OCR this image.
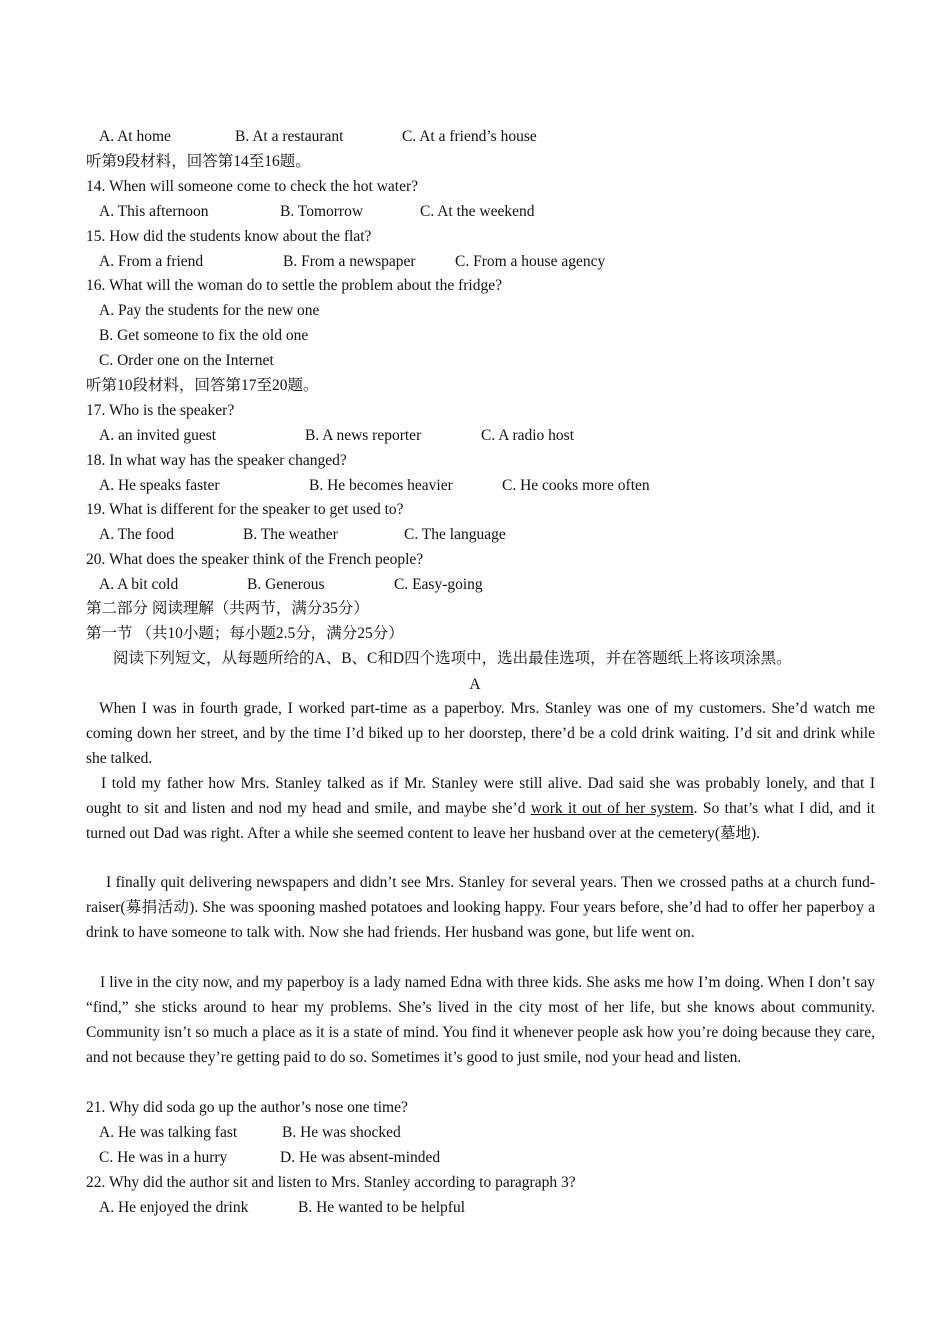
A. At home	B. At a restaurant	C. At a friend’s house
听第9段材料，回答第14至16题。
14. When will someone come to check the hot water?
A. This afternoon	B. Tomorrow	C. At the weekend
15. How did the students know about the flat?
A. From a friend	B. From a newspaper	C. From a house agency
16. What will the woman do to settle the problem about the fridge?
A. Pay the students for the new one
B. Get someone to fix the old one
C. Order one on the Internet
听第10段材料，回答第17至20题。
17. Who is the speaker?
A. an invited guest	B. A news reporter	C. A radio host
18. In what way has the speaker changed?
A. He speaks faster	B. He becomes heavier	C. He cooks more often
19. What is different for the speaker to get used to?
A. The food	B. The weather	C. The language
20. What does the speaker think of the French people?
A. A bit cold	B. Generous	C. Easy-going
第二部分 阅读理解（共两节，满分35分）
第一节 （共10小题；每小题2.5分，满分25分）
阅读下列短文，从每题所给的A、B、C和D四个选项中，选出最佳选项，并在答题纸上将该项涂黑。
A

When I was in fourth grade, I worked part-time as a paperboy. Mrs. Stanley was one of my customers. She’d watch me coming down her street, and by the time I’d biked up to her doorstep, there’d be a cold drink waiting. I’d sit and drink while she talked.

I told my father how Mrs. Stanley talked as if Mr. Stanley were still alive. Dad said she was probably lonely, and that I ought to sit and listen and nod my head and smile, and maybe she’d work it out of her system. So that’s what I did, and it turned out Dad was right. After a while she seemed content to leave her husband over at the cemetery(墓地).

I finally quit delivering newspapers and didn’t see Mrs. Stanley for several years. Then we crossed paths at a church fund-raiser(募捐活动). She was spooning mashed potatoes and looking happy. Four years before, she’d had to offer her paperboy a drink to have someone to talk with. Now she had friends. Her husband was gone, but life went on.

I live in the city now, and my paperboy is a lady named Edna with three kids. She asks me how I’m doing. When I don’t say “find,” she sticks around to hear my problems. She’s lived in the city most of her life, but she knows about community. Community isn’t so much a place as it is a state of mind. You find it whenever people ask how you’re doing because they care, and not because they’re getting paid to do so. Sometimes it’s good to just smile, nod your head and listen.

21. Why did soda go up the author’s nose one time?
A. He was talking fast	B. He was shocked
C. He was in a hurry	D. He was absent-minded
22. Why did the author sit and listen to Mrs. Stanley according to paragraph 3?
A. He enjoyed the drink	B. He wanted to be helpful
